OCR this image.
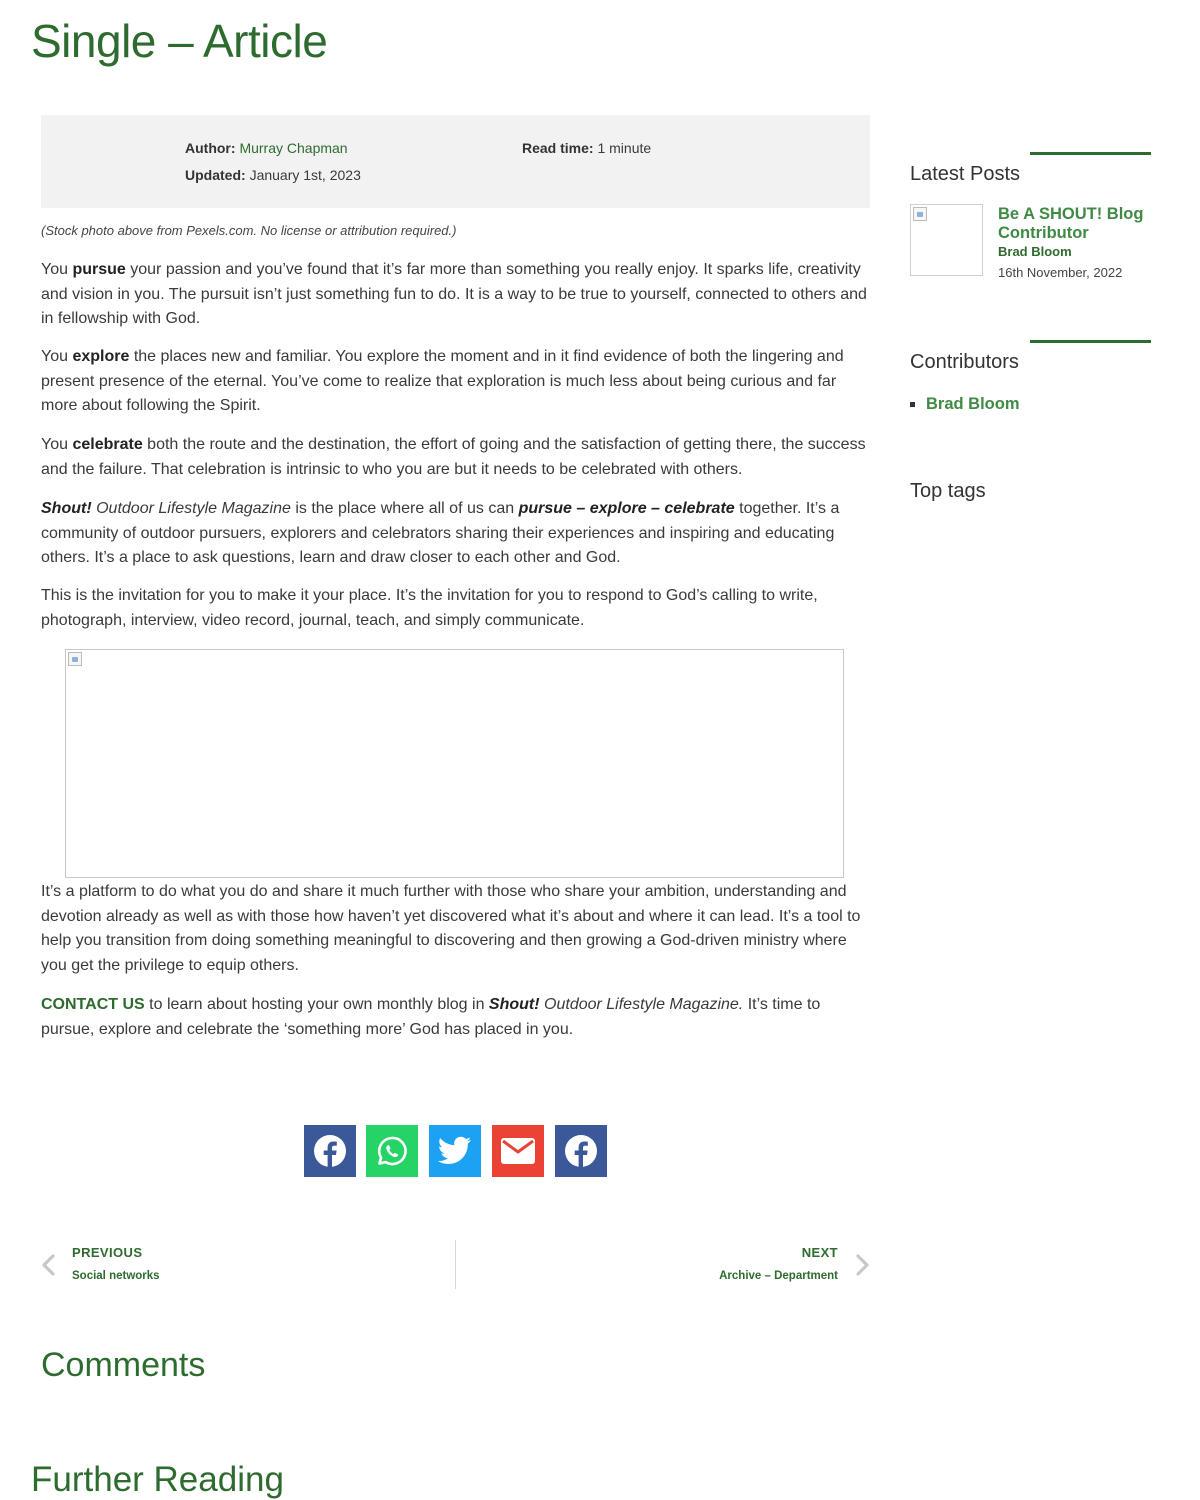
Single – Article
Author: Murray Chapman
Updated: January 1st, 2023
Read time: 1 minute
(Stock photo above from Pexels.com. No license or attribution required.)

You pursue your passion and you’ve found that it’s far more than something you really enjoy. It sparks life, creativity and vision in you. The pursuit isn’t just something fun to do. It is a way to be true to yourself, connected to others and in fellowship with God.

You explore the places new and familiar. You explore the moment and in it find evidence of both the lingering and present presence of the eternal. You’ve come to realize that exploration is much less about being curious and far more about following the Spirit.

You celebrate both the route and the destination, the effort of going and the satisfaction of getting there, the success and the failure. That celebration is intrinsic to who you are but it needs to be celebrated with others.

Shout! Outdoor Lifestyle Magazine is the place where all of us can pursue – explore – celebrate together. It’s a community of outdoor pursuers, explorers and celebrators sharing their experiences and inspiring and educating others. It’s a place to ask questions, learn and draw closer to each other and God.

This is the invitation for you to make it your place. It’s the invitation for you to respond to God’s calling to write, photograph, interview, video record, journal, teach, and simply communicate.

It’s a platform to do what you do and share it much further with those who share your ambition, understanding and devotion already as well as with those how haven’t yet discovered what it’s about and where it can lead. It’s a tool to help you transition from doing something meaningful to discovering and then growing a God-driven ministry where you get the privilege to equip others.

CONTACT US to learn about hosting your own monthly blog in Shout! Outdoor Lifestyle Magazine. It’s time to pursue, explore and celebrate the ‘something more’ God has placed in you.

PREVIOUS
Social networks
NEXT
Archive – Department
Comments
Further Reading
Latest Posts
Be A SHOUT! Blog Contributor
Brad Bloom
16th November, 2022
Contributors
Brad Bloom
Top tags
